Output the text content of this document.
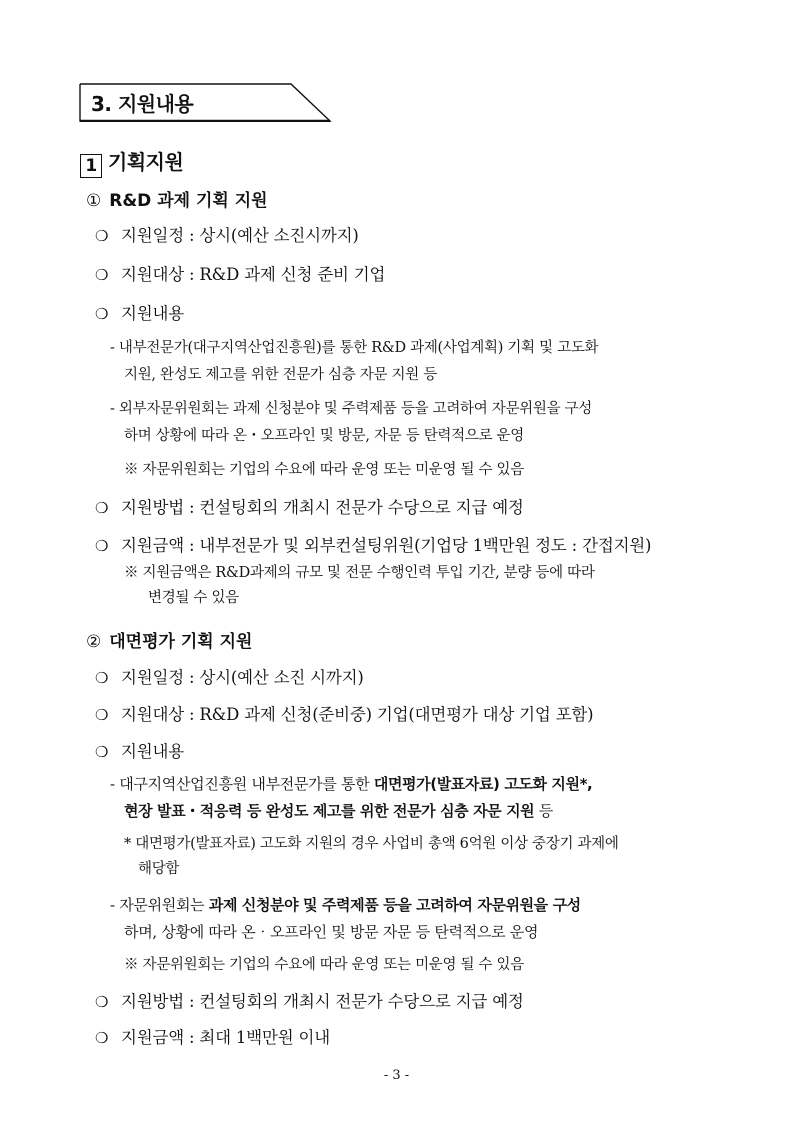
3. 지원내용
1 기획지원
① R&D 과제 기획 지원
❍ 지원일정 : 상시(예산 소진시까지)
❍ 지원대상 : R&D 과제 신청 준비 기업
❍ 지원내용
- 내부전문가(대구지역산업진흥원)를 통한 R&D 과제(사업계획) 기획 및 고도화
지원, 완성도 제고를 위한 전문가 심층 자문 지원 등
- 외부자문위원회는 과제 신청분야 및 주력제품 등을 고려하여 자문위원을 구성
하며 상황에 따라 온・오프라인 및 방문, 자문 등 탄력적으로 운영
※ 자문위원회는 기업의 수요에 따라 운영 또는 미운영 될 수 있음
❍ 지원방법 : 컨설팅회의 개최시 전문가 수당으로 지급 예정
❍ 지원금액 : 내부전문가 및 외부컨설팅위원(기업당 1백만원 정도 : 간접지원)
※ 지원금액은 R&D과제의 규모 및 전문 수행인력 투입 기간, 분량 등에 따라
변경될 수 있음
② 대면평가 기획 지원
❍ 지원일정 : 상시(예산 소진 시까지)
❍ 지원대상 : R&D 과제 신청(준비중) 기업(대면평가 대상 기업 포함)
❍ 지원내용
- 대구지역산업진흥원 내부전문가를 통한 대면평가(발표자료) 고도화 지원*,
현장 발표・적응력 등 완성도 제고를 위한 전문가 심층 자문 지원 등
* 대면평가(발표자료) 고도화 지원의 경우 사업비 총액 6억원 이상 중장기 과제에
해당함
- 자문위원회는 과제 신청분야 및 주력제품 등을 고려하여 자문위원을 구성
하며, 상황에 따라 온‧오프라인 및 방문 자문 등 탄력적으로 운영
※ 자문위원회는 기업의 수요에 따라 운영 또는 미운영 될 수 있음
❍ 지원방법 : 컨설팅회의 개최시 전문가 수당으로 지급 예정
❍ 지원금액 : 최대 1백만원 이내
- 3 -
